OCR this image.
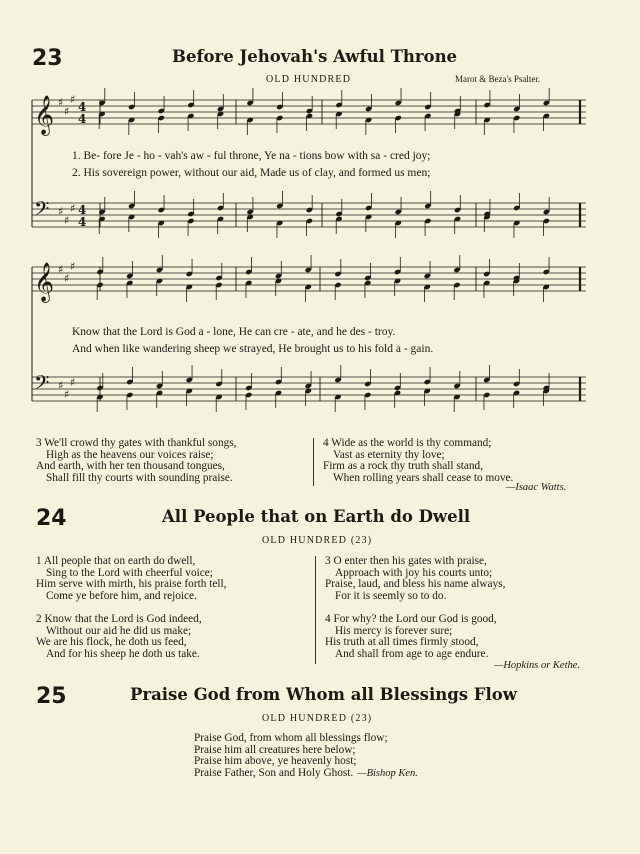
23	Before Jehovah's Awful Throne
OLD HUNDRED	Marot & Beza's Psalter.
𝄞 ♯
♯
♯
4
4
𝄢 ♯
♯
♯ 4
4
𝄞 ♯
♯
♯
𝄢 ♯
♯
♯
1. Be- fore Je - ho - vah's aw - ful throne, Ye na - tions bow with sa - cred joy;
2. His sovereign power, without our aid, Made us of clay, and formed us men;
Know that the Lord is God a - lone, He can cre - ate, and he des - troy.
And when like wandering sheep we strayed, He brought us to his fold a - gain.
3 We'll crowd thy gates with thankful songs,
High as the heavens our voices raise;
And earth, with her ten thousand tongues,
Shall fill thy courts with sounding praise.
4 Wide as the world is thy command;
Vast as eternity thy love;
Firm as a rock thy truth shall stand,
When rolling years shall cease to move.
—Isaac Watts.
24	All People that on Earth do Dwell
OLD HUNDRED (23)
1 All people that on earth do dwell,
Sing to the Lord with cheerful voice;
Him serve with mirth, his praise forth tell,
Come ye before him, and rejoice.
2 Know that the Lord is God indeed,
Without our aid he did us make;
We are his flock, he doth us feed,
And for his sheep he doth us take.
3 O enter then his gates with praise,
Approach with joy his courts unto;
Praise, laud, and bless his name always,
For it is seemly so to do.
4 For why? the Lord our God is good,
His mercy is forever sure;
His truth at all times firmly stood,
And shall from age to age endure.
—Hopkins or Kethe.
25	Praise God from Whom all Blessings Flow
OLD HUNDRED (23)
Praise God, from whom all blessings flow;
Praise him all creatures here below;
Praise him above, ye heavenly host;
Praise Father, Son and Holy Ghost. —Bishop Ken.
